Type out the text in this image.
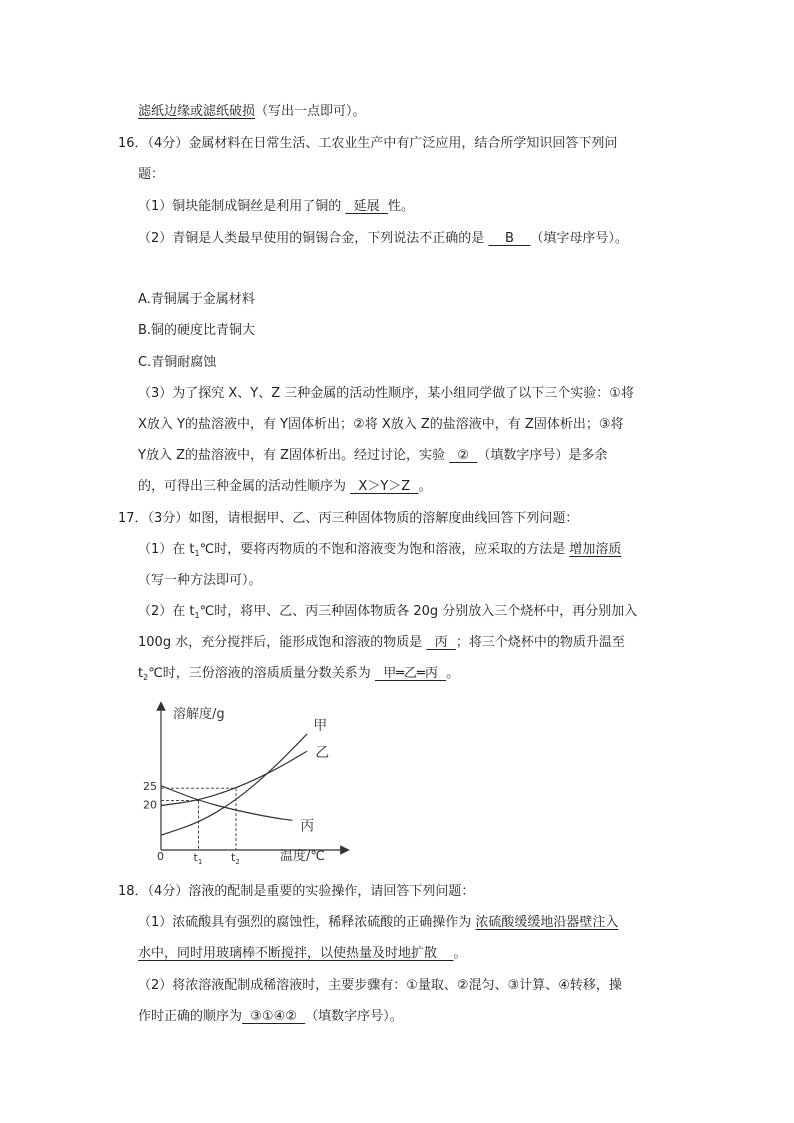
滤纸边缘或滤纸破损（写出一点即可）。
16．（4分）金属材料在日常生活、工农业生产中有广泛应用，结合所学知识回答下列问
题：
（1）铜块能制成铜丝是利用了铜的   延展  性。
（2）青铜是人类最早使用的铜锡合金，下列说法不正确的是     B    （填字母序号）。
A.青铜属于金属材料
B.铜的硬度比青铜大
C.青铜耐腐蚀
（3）为了探究 X、Y、Z 三种金属的活动性顺序，某小组同学做了以下三个实验：①将
X放入 Y的盐溶液中，有 Y固体析出；②将 X放入 Z的盐溶液中，有 Z固体析出；③将
Y放入 Z的盐溶液中，有 Z固体析出。经过讨论，实验   ②  （填数字序号）是多余
的，可得出三种金属的活动性顺序为   X＞Y＞Z  。
17．（3分）如图，请根据甲、乙、丙三种固体物质的溶解度曲线回答下列问题：
（1）在 $t_1℃$时，要将丙物质的不饱和溶液变为饱和溶液，应采取的方法是 增加溶质
（写一种方法即可）。
（2）在 $t_1℃$时，将甲、乙、丙三种固体物质各 20g 分别放入三个烧杯中，再分别加入
100g 水，充分搅拌后，能形成饱和溶液的物质是   丙  ；将三个烧杯中的物质升温至
$t_2℃$时，三份溶液的溶质质量分数关系为   甲═乙═丙  。
溶解度/g
温度/℃
0
甲
乙
丙
20
25
$t_1$	$t_2$
18．（4分）溶液的配制是重要的实验操作，请回答下列问题：
（1）浓硫酸具有强烈的腐蚀性，稀释浓硫酸的正确操作为 浓硫酸缓缓地沿器壁注入
水中，同时用玻璃棒不断搅拌，以使热量及时地扩散 。
（2）将浓溶液配制成稀溶液时，主要步骤有：①量取、②混匀、③计算、④转移，操
作时正确的顺序为  ③①④②  （填数字序号）。
